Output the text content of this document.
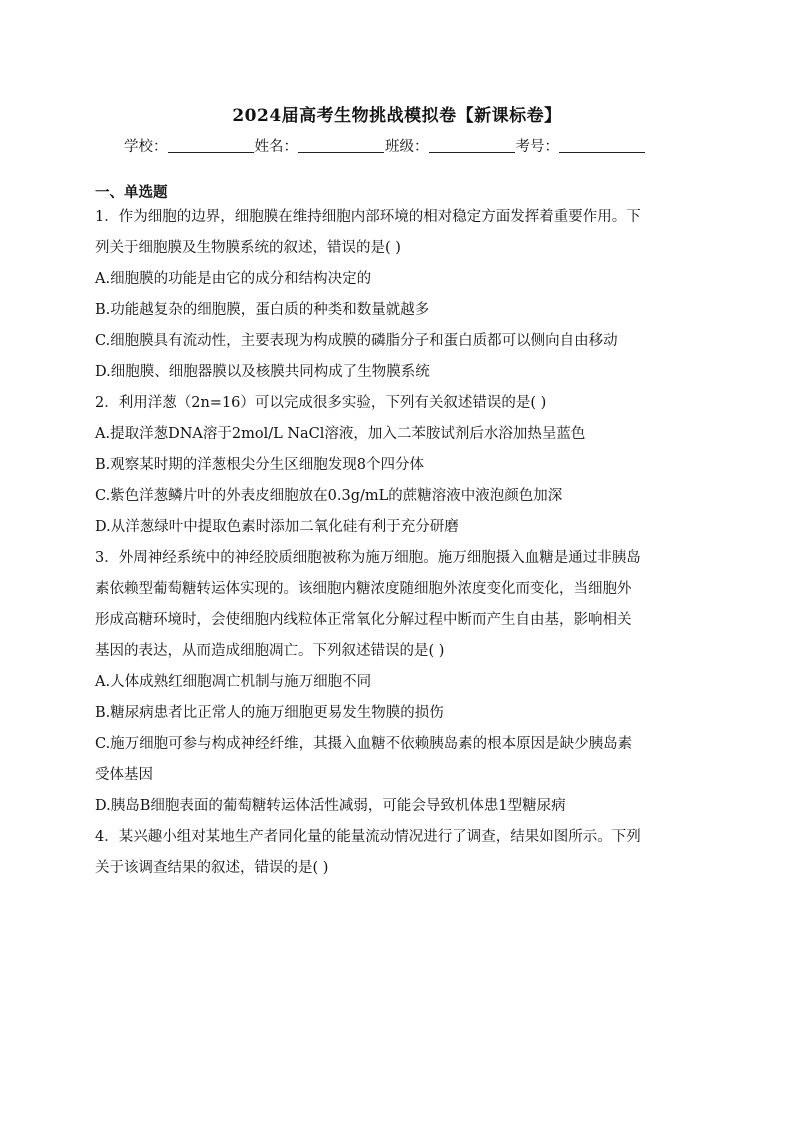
2024届高考生物挑战模拟卷【新课标卷】
学校：	姓名：	班级：	考号：
一、单选题
1．作为细胞的边界，细胞膜在维持细胞内部环境的相对稳定方面发挥着重要作用。下
列关于细胞膜及生物膜系统的叙述，错误的是( )
A.细胞膜的功能是由它的成分和结构决定的
B.功能越复杂的细胞膜，蛋白质的种类和数量就越多
C.细胞膜具有流动性，主要表现为构成膜的磷脂分子和蛋白质都可以侧向自由移动
D.细胞膜、细胞器膜以及核膜共同构成了生物膜系统
2．利用洋葱（2n=16）可以完成很多实验，下列有关叙述错误的是( )
A.提取洋葱DNA溶于2mol/L NaCl溶液，加入二苯胺试剂后水浴加热呈蓝色
B.观察某时期的洋葱根尖分生区细胞发现8个四分体
C.紫色洋葱鳞片叶的外表皮细胞放在0.3g/mL的蔗糖溶液中液泡颜色加深
D.从洋葱绿叶中提取色素时添加二氧化硅有利于充分研磨
3．外周神经系统中的神经胶质细胞被称为施万细胞。施万细胞摄入血糖是通过非胰岛
素依赖型葡萄糖转运体实现的。该细胞内糖浓度随细胞外浓度变化而变化，当细胞外
形成高糖环境时，会使细胞内线粒体正常氧化分解过程中断而产生自由基，影响相关
基因的表达，从而造成细胞凋亡。下列叙述错误的是( )
A.人体成熟红细胞凋亡机制与施万细胞不同
B.糖尿病患者比正常人的施万细胞更易发生物膜的损伤
C.施万细胞可参与构成神经纤维，其摄入血糖不依赖胰岛素的根本原因是缺少胰岛素
受体基因
D.胰岛B细胞表面的葡萄糖转运体活性减弱，可能会导致机体患1型糖尿病
4．某兴趣小组对某地生产者同化量的能量流动情况进行了调查，结果如图所示。下列
关于该调查结果的叙述，错误的是( )
